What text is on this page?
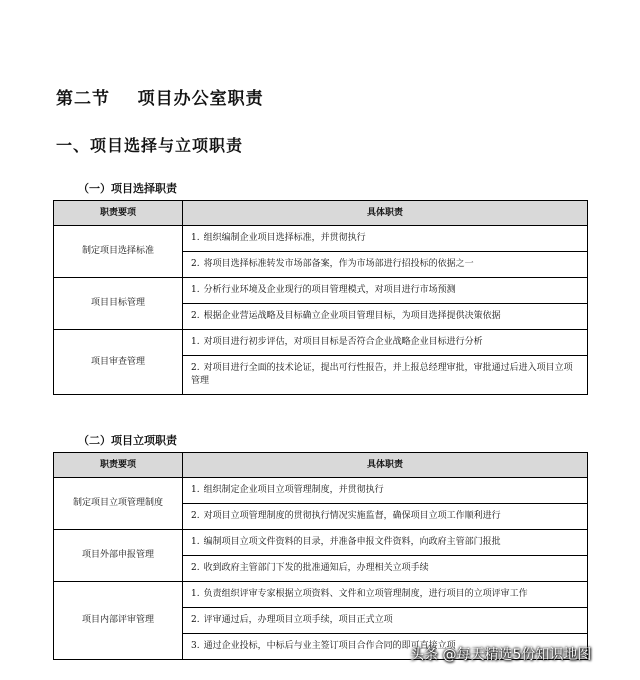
第二节    项目办公室职责
一、项目选择与立项职责
（一）项目选择职责
职责要项	具体职责
制定项目选择标准	1. 组织编制企业项目选择标准，并贯彻执行
	2. 将项目选择标准转发市场部备案，作为市场部进行招投标的依据之一
项目目标管理	1. 分析行业环境及企业现行的项目管理模式，对项目进行市场预测
	2. 根据企业营运战略及目标确立企业项目管理目标，为项目选择提供决策依据
项目审查管理	1. 对项目进行初步评估，对项目目标是否符合企业战略企业目标进行分析
	2. 对项目进行全面的技术论证，提出可行性报告，并上报总经理审批，审批通过后进入项目立项管理
（二）项目立项职责
职责要项	具体职责
制定项目立项管理制度	1. 组织制定企业项目立项管理制度，并贯彻执行
	2. 对项目立项管理制度的贯彻执行情况实施监督，确保项目立项工作顺利进行
项目外部申报管理	1. 编制项目立项文件资料的目录，并准备申报文件资料，向政府主管部门报批
	2. 收到政府主管部门下发的批准通知后，办理相关立项手续
项目内部评审管理	1. 负责组织评审专家根据立项资料、文件和立项管理制度，进行项目的立项评审工作
	2. 评审通过后，办理项目立项手续，项目正式立项
	3. 通过企业投标，中标后与业主签订项目合作合同的即可直接立项
头条 @每天精选5份知识地图
